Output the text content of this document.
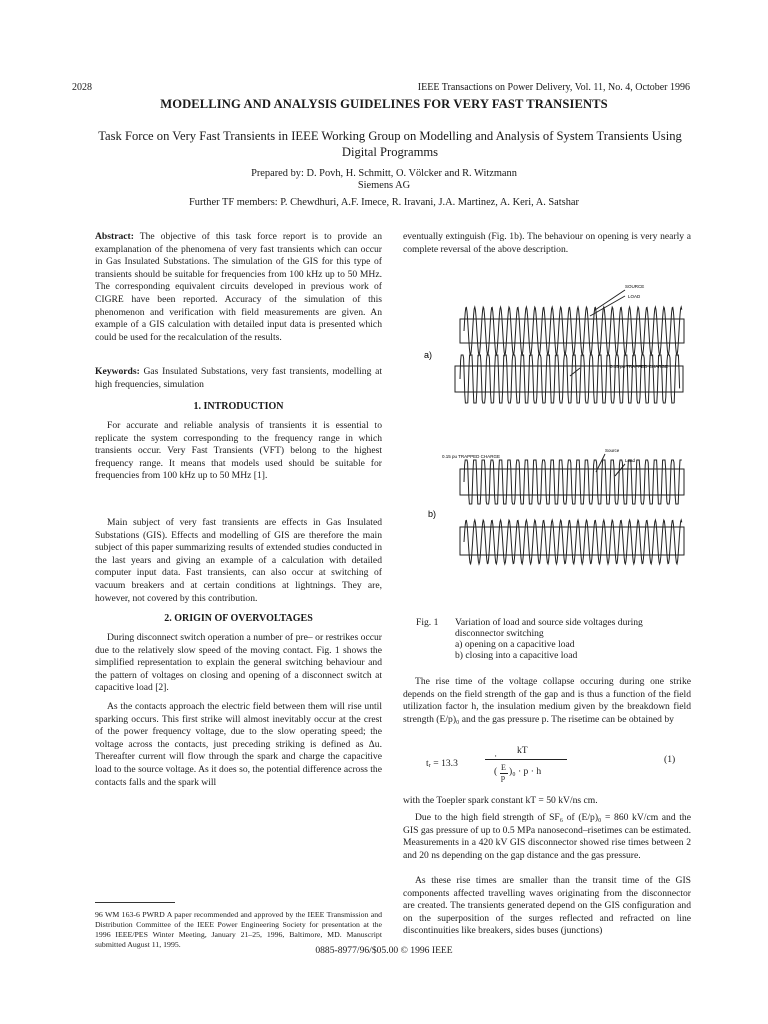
2028	IEEE Transactions on Power Delivery, Vol. 11, No. 4, October 1996
MODELLING AND ANALYSIS GUIDELINES FOR VERY FAST TRANSIENTS
Task Force on Very Fast Transients in IEEE Working Group on Modelling and Analysis of System Transients Using Digital Programms
Prepared by: D. Povh, H. Schmitt, O. Völcker and R. Witzmann
Siemens AG
Further TF members: P. Chewdhuri, A.F. Imece, R. Iravani, J.A. Martinez, A. Keri, A. Satshar
Abstract: The objective of this task force report is to provide an examplanation of the phenomena of very fast transients which can occur in Gas Insulated Substations. The simulation of the GIS for this type of transients should be suitable for frequencies from 100 kHz up to 50 MHz. The corresponding equivalent circuits developed in previous work of CIGRE have been reported. Accuracy of the simulation of this phenomenon and verification with field measurements are given. An example of a GIS calculation with detailed input data is presented which could be used for the recalculation of the results.
Keywords: Gas Insulated Substations, very fast transients, modelling at high frequencies, simulation
1. INTRODUCTION
For accurate and reliable analysis of transients it is essential to replicate the system corresponding to the frequency range in which transients occur. Very Fast Transients (VFT) belong to the highest frequency range. It means that models used should be suitable for frequencies from 100 kHz up to 50 MHz [1].
Main subject of very fast transients are effects in Gas Insulated Substations (GIS). Effects and modelling of GIS are therefore the main subject of this paper summarizing results of extended studies conducted in the last years and giving an example of a calculation with detailed computer input data. Fast transients, can also occur at switching of vacuum breakers and at certain conditions at lightnings. They are, however, not covered by this contribution.
2. ORIGIN OF OVERVOLTAGES
During disconnect switch operation a number of pre– or restrikes occur due to the relatively slow speed of the moving contact. Fig. 1 shows the simplified representation to explain the general switching behaviour and the pattern of voltages on closing and opening of a disconnect switch at capacitive load [2].
As the contacts approach the electric field between them will rise until sparking occurs. This first strike will almost inevitably occur at the crest of the power frequency voltage, due to the slow operating speed; the voltage across the contacts, just preceding striking is defined as Δu. Thereafter current will flow through the spark and charge the capacitive load to the source voltage. As it does so, the potential difference across the contacts falls and the spark will
96 WM 163-6 PWRD A paper recommended and approved by the IEEE Transmission and Distribution Committee of the IEEE Power Engineering Society for presentation at the 1996 IEEE/PES Winter Meeting, January 21–25, 1996, Baltimore, MD. Manuscript submitted August 11, 1995.
eventually extinguish (Fig. 1b). The behaviour on opening is very nearly a complete reversal of the above description.
SOURCE
LOAD
0.15 pu TRAPPED CHARGE
a)
0.15 pu TRAPPED CHARGE
Source
Load
b)
Fig. 1 Variation of load and source side voltages during
disconnector switching
a) opening on a capacitive load
b) closing into a capacitive load
The rise time of the voltage collapse occuring during one strike depends on the field strength of the gap and is thus a function of the field utilization factor h, the insulation medium given by the breakdown field strength (E/p)₀ and the gas pressure p. The risetime can be obtained by
tᵣ = 13.3
·
kT
( E
p
)₀ · p · h
(1)
with the Toepler spark constant kT = 50 kV/ns cm.
Due to the high field strength of SF₆ of (E/p)₀ = 860 kV/cm and the GIS gas pressure of up to 0.5 MPa nanosecond–risetimes can be estimated. Measurements in a 420 kV GIS disconnector showed rise times between 2 and 20 ns depending on the gap distance and the gas pressure.
As these rise times are smaller than the transit time of the GIS components affected travelling waves originating from the disconnector are created. The transients generated depend on the GIS configuration and on the superposition of the surges reflected and refracted on line discontinuities like breakers, sides buses (junctions)
0885-8977/96/$05.00 © 1996 IEEE
